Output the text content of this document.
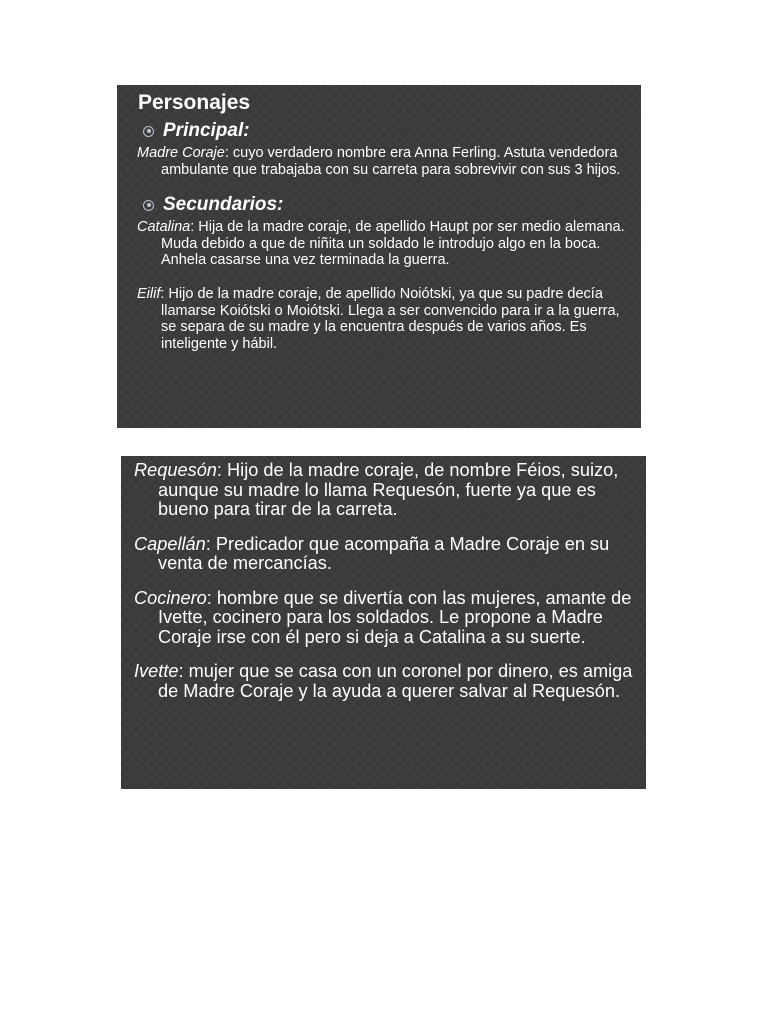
Personajes
Principal:

Madre Coraje: cuyo verdadero nombre era Anna Ferling. Astuta vendedora ambulante que trabajaba con su carreta para sobrevivir con sus 3 hijos.

Secundarios:

Catalina: Hija de la madre coraje, de apellido Haupt por ser medio alemana. Muda debido a que de niñita un soldado le introdujo algo en la boca. Anhela casarse una vez terminada la guerra.

Eilif: Hijo de la madre coraje, de apellido Noiótski, ya que su padre decía llamarse Koiótski o Moiótski. Llega a ser convencido para ir a la guerra, se separa de su madre y la encuentra después de varios años. Es inteligente y hábil.

Requesón: Hijo de la madre coraje, de nombre Féios, suizo, aunque su madre lo llama Requesón, fuerte ya que es bueno para tirar de la carreta.

Capellán: Predicador que acompaña a Madre Coraje en su venta de mercancías.

Cocinero: hombre que se divertía con las mujeres, amante de Ivette, cocinero para los soldados. Le propone a Madre Coraje irse con él pero si deja a Catalina a su suerte.

Ivette: mujer que se casa con un coronel por dinero, es amiga de Madre Coraje y la ayuda a querer salvar al Requesón.
